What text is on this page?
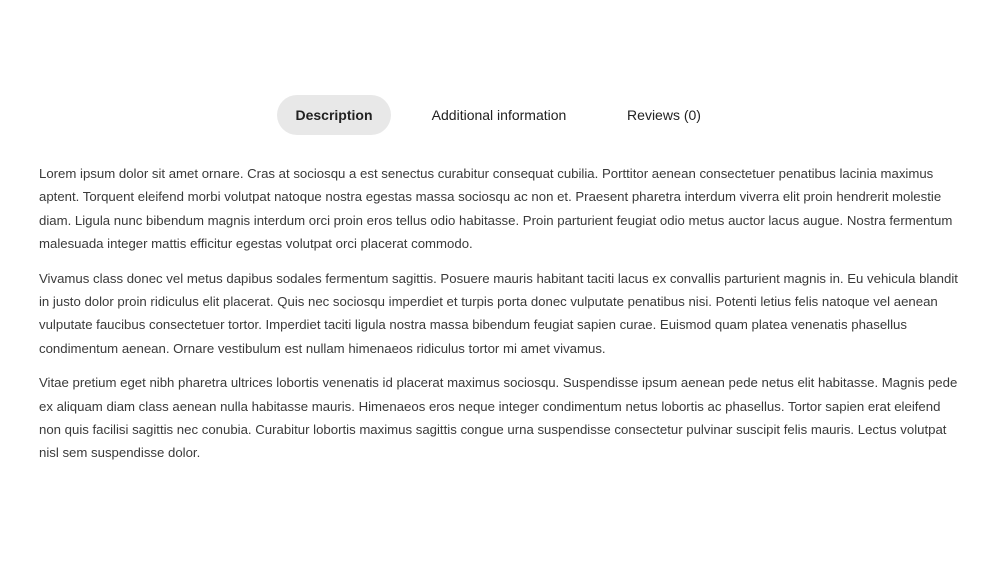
Description	Additional information	Reviews (0)

Lorem ipsum dolor sit amet ornare. Cras at sociosqu a est senectus curabitur consequat cubilia. Porttitor aenean consectetuer penatibus lacinia maximus aptent. Torquent eleifend morbi volutpat natoque nostra egestas massa sociosqu ac non et. Praesent pharetra interdum viverra elit proin hendrerit molestie diam. Ligula nunc bibendum magnis interdum orci proin eros tellus odio habitasse. Proin parturient feugiat odio metus auctor lacus augue. Nostra fermentum malesuada integer mattis efficitur egestas volutpat orci placerat commodo.

Vivamus class donec vel metus dapibus sodales fermentum sagittis. Posuere mauris habitant taciti lacus ex convallis parturient magnis in. Eu vehicula blandit in justo dolor proin ridiculus elit placerat. Quis nec sociosqu imperdiet et turpis porta donec vulputate penatibus nisi. Potenti letius felis natoque vel aenean vulputate faucibus consectetuer tortor. Imperdiet taciti ligula nostra massa bibendum feugiat sapien curae. Euismod quam platea venenatis phasellus condimentum aenean. Ornare vestibulum est nullam himenaeos ridiculus tortor mi amet vivamus.

Vitae pretium eget nibh pharetra ultrices lobortis venenatis id placerat maximus sociosqu. Suspendisse ipsum aenean pede netus elit habitasse. Magnis pede ex aliquam diam class aenean nulla habitasse mauris. Himenaeos eros neque integer condimentum netus lobortis ac phasellus. Tortor sapien erat eleifend non quis facilisi sagittis nec conubia. Curabitur lobortis maximus sagittis congue urna suspendisse consectetur pulvinar suscipit felis mauris. Lectus volutpat nisl sem suspendisse dolor.
